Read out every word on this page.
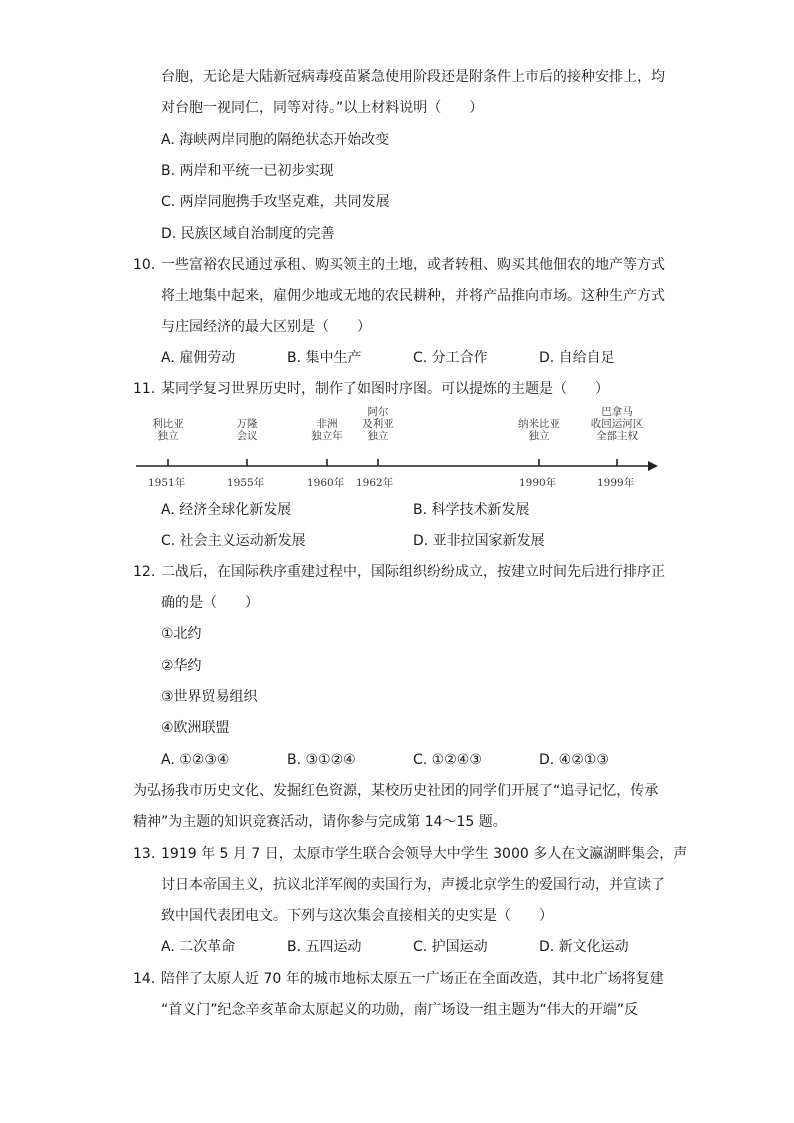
台胞，无论是大陆新冠病毒疫苗紧急使用阶段还是附条件上市后的接种安排上，均
对台胞一视同仁，同等对待。”以上材料说明（　　）
A. 海峡两岸同胞的隔绝状态开始改变
B. 两岸和平统一已初步实现
C. 两岸同胞携手攻坚克难，共同发展
D. 民族区域自治制度的完善
10. 一些富裕农民通过承租、购买领主的土地，或者转租、购买其他佃农的地产等方式
将土地集中起来，雇佣少地或无地的农民耕种，并将产品推向市场。这种生产方式
与庄园经济的最大区别是（　　）
A. 雇佣劳动	B. 集中生产	C. 分工合作	D. 自给自足
11. 某同学复习世界历史时，制作了如图时序图。可以提炼的主题是（　　）
利比亚
独立
万隆
会议
非洲
独立年
阿尔
及利亚
独立
纳米比亚
独立
巴拿马
收回运河区
全部主权
1951年	1955年	1960年 1962年	1990年	1999年
A. 经济全球化新发展	B. 科学技术新发展
C. 社会主义运动新发展	D. 亚非拉国家新发展
12. 二战后，在国际秩序重建过程中，国际组织纷纷成立，按建立时间先后进行排序正
确的是（　　）
①北约
②华约
③世界贸易组织
④欧洲联盟
A. ①②③④	B. ③①②④	C. ①②④③	D. ④②①③
为弘扬我市历史文化、发掘红色资源，某校历史社团的同学们开展了“追寻记忆，传承
精神”为主题的知识竞赛活动，请你参与完成第 14～15 题。
13. 1919 年 5 月 7 日，太原市学生联合会领导大中学生 3000 多人在文瀛湖畔集会，声
讨日本帝国主义，抗议北洋军阀的卖国行为，声援北京学生的爱国行动，并宣读了
致中国代表团电文。下列与这次集会直接相关的史实是（　　）
A. 二次革命	B. 五四运动	C. 护国运动	D. 新文化运动
14. 陪伴了太原人近 70 年的城市地标太原五一广场正在全面改造，其中北广场将复建
“首义门”纪念辛亥革命太原起义的功勋，南广场设一组主题为“伟大的开端”反
